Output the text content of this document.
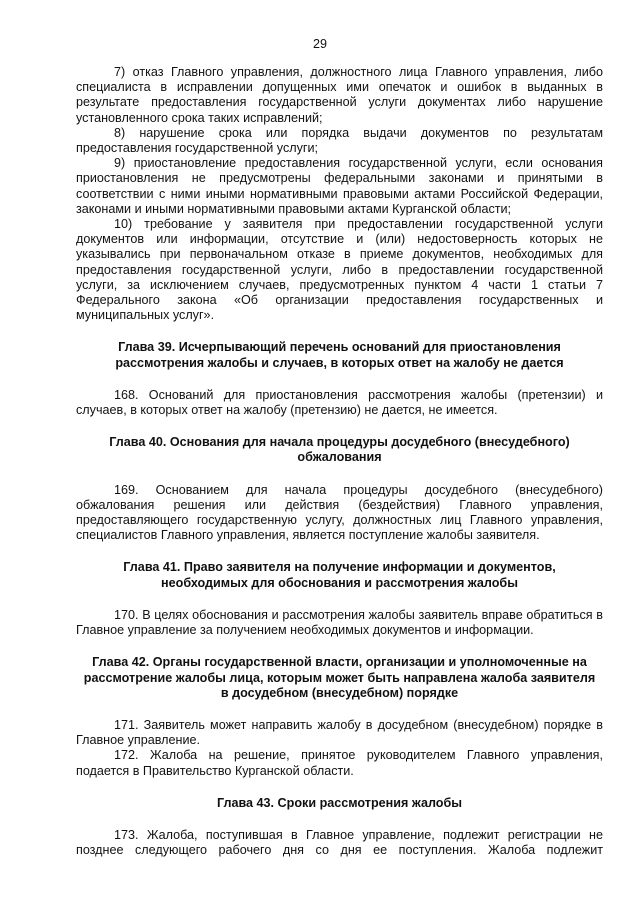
29

7) отказ Главного управления, должностного лица Главного управления, либо специалиста в исправлении допущенных ими опечаток и ошибок в выданных в результате предоставления государственной услуги документах либо нарушение установленного срока таких исправлений;

8) нарушение срока или порядка выдачи документов по результатам предоставления государственной услуги;

9) приостановление предоставления государственной услуги, если основания приостановления не предусмотрены федеральными законами и принятыми в соответствии с ними иными нормативными правовыми актами Российской Федерации, законами и иными нормативными правовыми актами Курганской области;

10) требование у заявителя при предоставлении государственной услуги документов или информации, отсутствие и (или) недостоверность которых не указывались при первоначальном отказе в приеме документов, необходимых для предоставления государственной услуги, либо в предоставлении государственной услуги, за исключением случаев, предусмотренных пунктом 4 части 1 статьи 7 Федерального закона «Об организации предоставления государственных и муниципальных услуг».

Глава 39. Исчерпывающий перечень оснований для приостановления
рассмотрения жалобы и случаев, в которых ответ на жалобу не дается

168. Оснований для приостановления рассмотрения жалобы (претензии) и случаев, в которых ответ на жалобу (претензию) не дается, не имеется.

Глава 40. Основания для начала процедуры досудебного (внесудебного)
обжалования

169. Основанием для начала процедуры досудебного (внесудебного) обжалования решения или действия (бездействия) Главного управления, предоставляющего государственную услугу, должностных лиц Главного управления, специалистов Главного управления, является поступление жалобы заявителя.

Глава 41. Право заявителя на получение информации и документов,
необходимых для обоснования и рассмотрения жалобы

170. В целях обоснования и рассмотрения жалобы заявитель вправе обратиться в Главное управление за получением необходимых документов и информации.

Глава 42. Органы государственной власти, организации и уполномоченные на
рассмотрение жалобы лица, которым может быть направлена жалоба заявителя
в досудебном (внесудебном) порядке

171. Заявитель может направить жалобу в досудебном (внесудебном) порядке в Главное управление.

172. Жалоба на решение, принятое руководителем Главного управления, подается в Правительство Курганской области.

Глава 43. Сроки рассмотрения жалобы

173. Жалоба, поступившая в Главное управление, подлежит регистрации не позднее следующего рабочего дня со дня ее поступления. Жалоба подлежит
